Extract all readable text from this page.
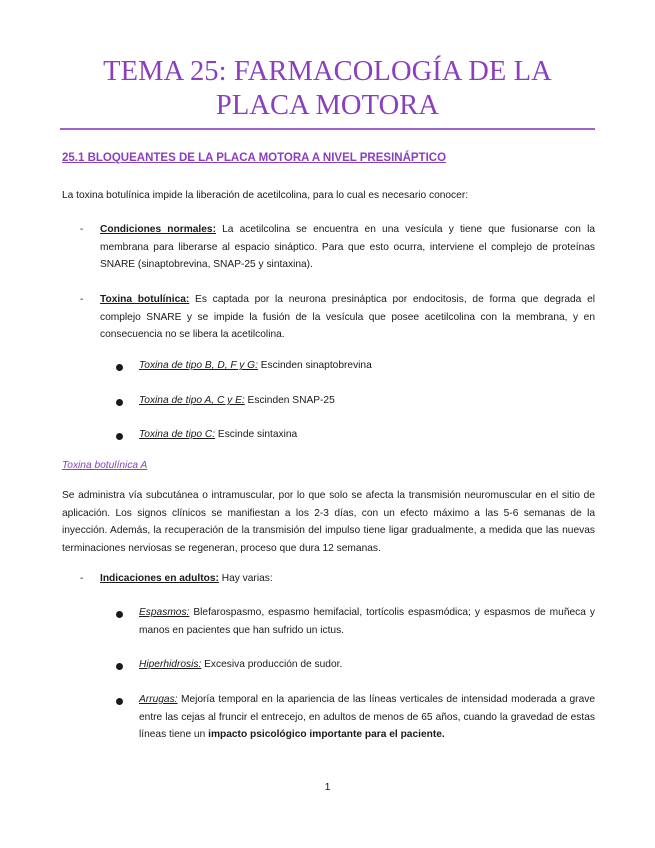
TEMA 25: FARMACOLOGÍA DE LA PLACA MOTORA
25.1 BLOQUEANTES DE LA PLACA MOTORA A NIVEL PRESINÁPTICO
La toxina botulínica impide la liberación de acetilcolina, para lo cual es necesario conocer:
- Condiciones normales: La acetilcolina se encuentra en una vesícula y tiene que fusionarse con la membrana para liberarse al espacio sináptico. Para que esto ocurra, interviene el complejo de proteínas SNARE (sinaptobrevina, SNAP-25 y sintaxina).
- Toxina botulínica: Es captada por la neurona presináptica por endocitosis, de forma que degrada el complejo SNARE y se impide la fusión de la vesícula que posee acetilcolina con la membrana, y en consecuencia no se libera la acetilcolina.
Toxina de tipo B, D, F y G: Escinden sinaptobrevina
Toxina de tipo A, C y E: Escinden SNAP-25
Toxina de tipo C: Escinde sintaxina
Toxina botulínica A
Se administra vía subcutánea o intramuscular, por lo que solo se afecta la transmisión neuromuscular en el sitio de aplicación. Los signos clínicos se manifiestan a los 2-3 días, con un efecto máximo a las 5-6 semanas de la inyección. Además, la recuperación de la transmisión del impulso tiene ligar gradualmente, a medida que las nuevas terminaciones nerviosas se regeneran, proceso que dura 12 semanas.
- Indicaciones en adultos: Hay varias:
Espasmos: Blefarospasmo, espasmo hemifacial, tortícolis espasmódica; y espasmos de muñeca y manos en pacientes que han sufrido un ictus.
Hiperhidrosis: Excesiva producción de sudor.
Arrugas: Mejoría temporal en la apariencia de las líneas verticales de intensidad moderada a grave entre las cejas al fruncir el entrecejo, en adultos de menos de 65 años, cuando la gravedad de estas líneas tiene un impacto psicológico importante para el paciente.
1
